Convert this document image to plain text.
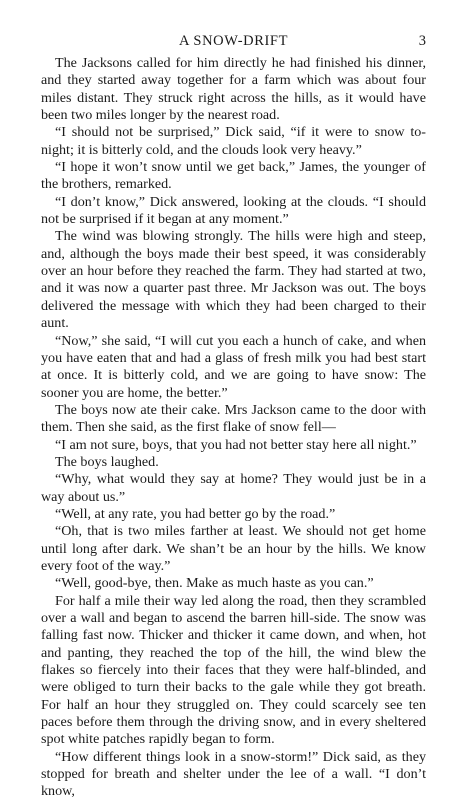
A SNOW-DRIFT	3

The Jacksons called for him directly he had finished his dinner, and they started away together for a farm which was about four miles distant. They struck right across the hills, as it would have been two miles longer by the nearest road.

“I should not be surprised,” Dick said, “if it were to snow to-night; it is bitterly cold, and the clouds look very heavy.”

“I hope it won’t snow until we get back,” James, the younger of the brothers, remarked.

“I don’t know,” Dick answered, looking at the clouds. “I should not be surprised if it began at any moment.”

The wind was blowing strongly. The hills were high and steep, and, although the boys made their best speed, it was considerably over an hour before they reached the farm. They had started at two, and it was now a quarter past three. Mr Jackson was out. The boys delivered the message with which they had been charged to their aunt.

“Now,” she said, “I will cut you each a hunch of cake, and when you have eaten that and had a glass of fresh milk you had best start at once. It is bitterly cold, and we are going to have snow: The sooner you are home, the better.”

The boys now ate their cake. Mrs Jackson came to the door with them. Then she said, as the first flake of snow fell—

“I am not sure, boys, that you had not better stay here all night.”

The boys laughed.

“Why, what would they say at home? They would just be in a way about us.”

“Well, at any rate, you had better go by the road.”

“Oh, that is two miles farther at least. We should not get home until long after dark. We shan’t be an hour by the hills. We know every foot of the way.”

“Well, good-bye, then. Make as much haste as you can.”

For half a mile their way led along the road, then they scrambled over a wall and began to ascend the barren hill-side. The snow was falling fast now. Thicker and thicker it came down, and when, hot and panting, they reached the top of the hill, the wind blew the flakes so fiercely into their faces that they were half-blinded, and were obliged to turn their backs to the gale while they got breath. For half an hour they struggled on. They could scarcely see ten paces before them through the driving snow, and in every sheltered spot white patches rapidly began to form.

“How different things look in a snow-storm!” Dick said, as they stopped for breath and shelter under the lee of a wall. “I don’t know,
